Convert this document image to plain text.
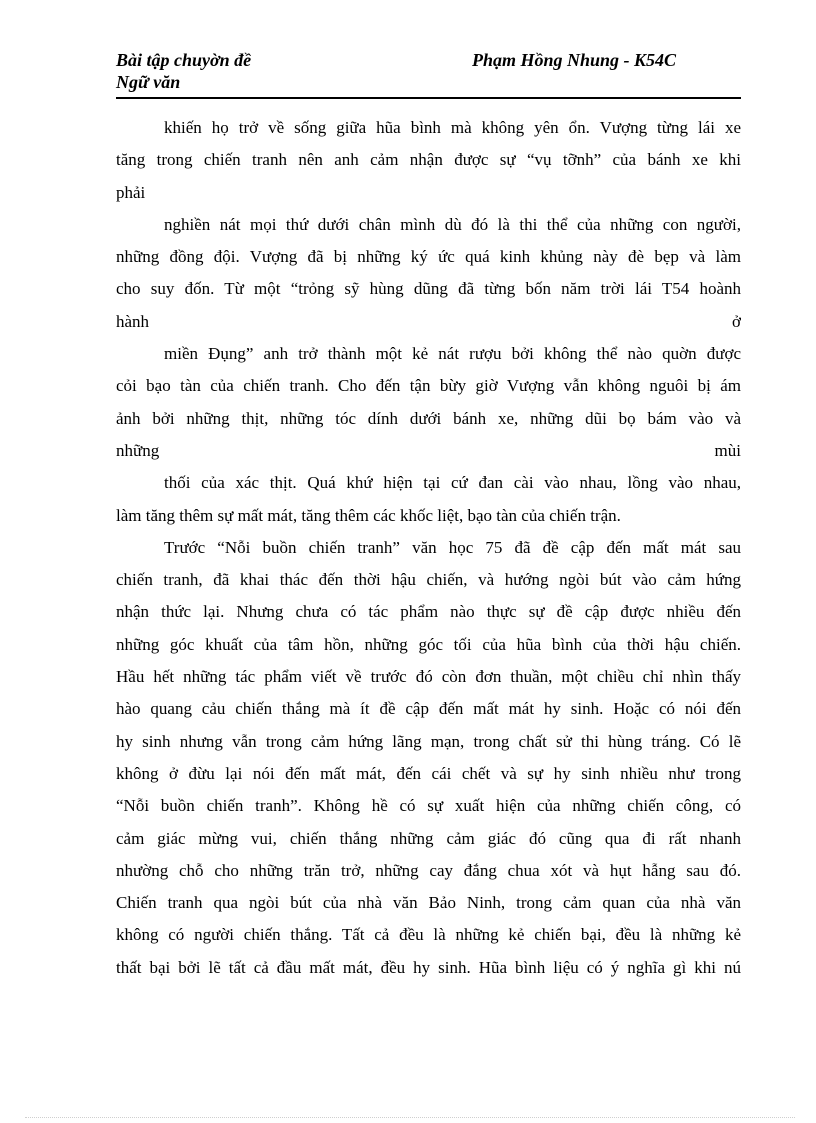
Bài tập chuyờn đề
Ngữ văn
Phạm Hồng Nhung - K54C
khiến họ trở về sống giữa hũa bình mà không yên ổn. Vượng từng lái xe
tăng trong chiến tranh nên anh cảm nhận được sự “vụ tỡnh” của bánh xe khi
phải
nghiền nát mọi thứ dưới chân mình dù đó là thi thể của những con người,
những đồng đội. Vượng đã bị những ký ức quá kinh khủng này đè bẹp và làm
cho suy đốn. Từ một “trỏng sỹ hùng dũng đã từng bốn năm trời lái T54 hoành
hành ở
miền Đụng” anh trở thành một kẻ nát rượu bởi không thể nào quờn được
cỏi bạo tàn của chiến tranh. Cho đến tận bừy giờ Vượng vẫn không nguôi bị ám
ảnh bởi những thịt, những tóc dính dưới bánh xe, những dũi bọ bám vào và
những mùi
thối của xác thịt. Quá khứ hiện tại cứ đan cài vào nhau, lồng vào nhau,
làm tăng thêm sự mất mát, tăng thêm các khốc liệt, bạo tàn của chiến trận.
Trước “Nỗi buồn chiến tranh” văn học 75 đã đề cập đến mất mát sau
chiến tranh, đã khai thác đến thời hậu chiến, và hướng ngòi bút vào cảm hứng
nhận thức lại. Nhưng chưa có tác phẩm nào thực sự đề cập được nhiều đến
những góc khuất của tâm hồn, những góc tối của hũa bình của thời hậu chiến.
Hầu hết những tác phẩm viết về trước đó còn đơn thuần, một chiều chỉ nhìn thấy
hào quang cảu chiến thắng mà ít đề cập đến mất mát hy sinh. Hoặc có nói đến
hy sinh nhưng vẫn trong cảm hứng lãng mạn, trong chất sử thi hùng tráng. Có lẽ
không ở đừu lại nói đến mất mát, đến cái chết và sự hy sinh nhiều như trong
“Nỗi buồn chiến tranh”. Không hề có sự xuất hiện của những chiến công, có
cảm giác mừng vui, chiến thắng những cảm giác đó cũng qua đi rất nhanh
nhường chỗ cho những trăn trở, những cay đắng chua xót và hụt hẫng sau đó.
Chiến tranh qua ngòi bút của nhà văn Bảo Ninh, trong cảm quan của nhà văn
không có người chiến thắng. Tất cả đều là những kẻ chiến bại, đều là những kẻ
thất bại bởi lẽ tất cả đầu mất mát, đều hy sinh. Hũa bình liệu có ý nghĩa gì khi nú
